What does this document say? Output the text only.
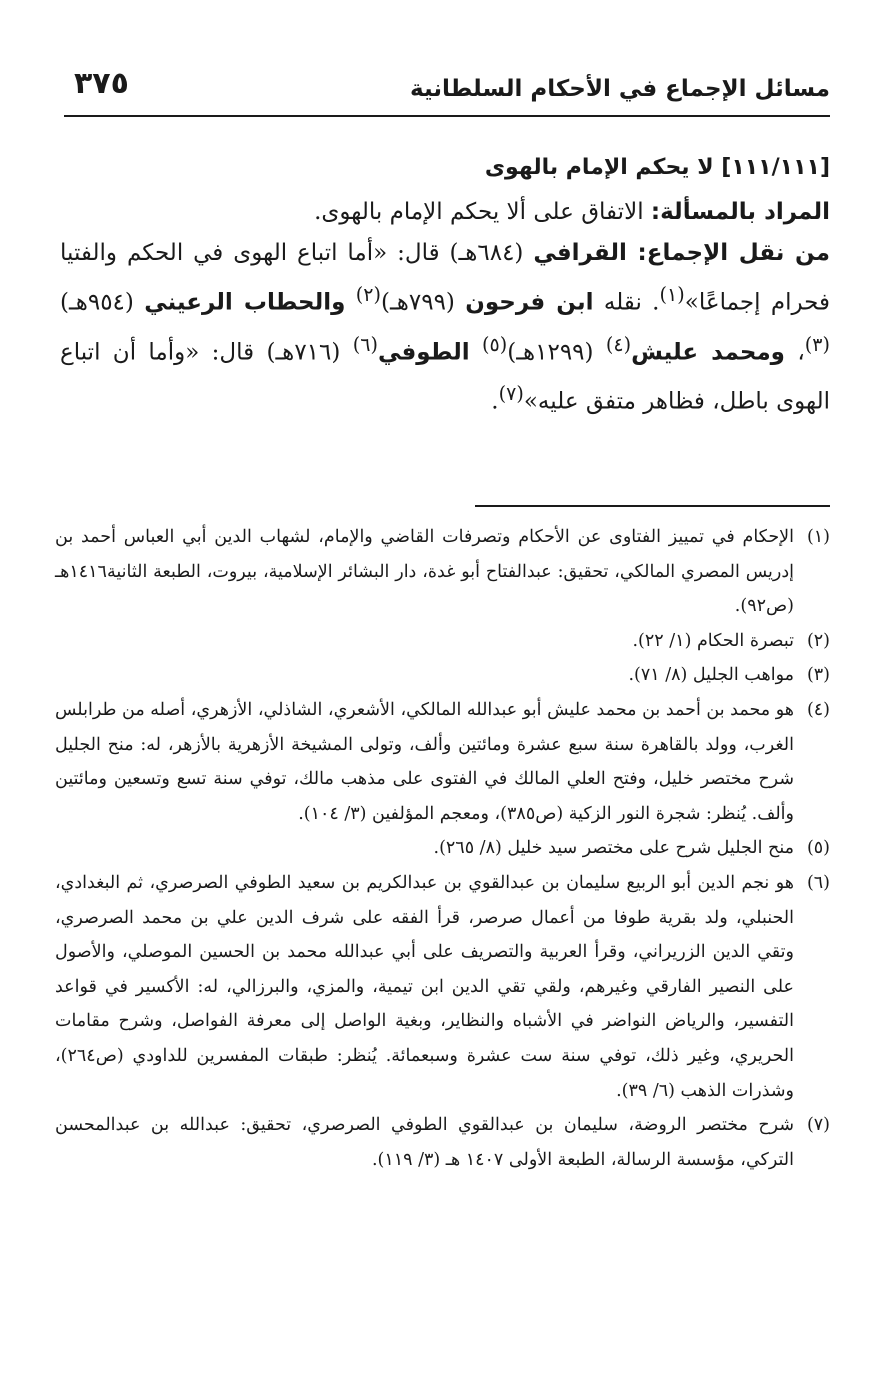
مسائل الإجماع في الأحكام السلطانية
٣٧٥
[١١١/١١١] لا يحكم الإمام بالهوى

المراد بالمسألة: الاتفاق على ألا يحكم الإمام بالهوى.

من نقل الإجماع: القرافي (٦٨٤هـ) قال: «أما اتباع الهوى في الحكم والفتيا فحرام إجماعًا»$^{(١)}$. نقله ابن فرحون (٧٩٩هـ)$^{(٢)}$ والحطاب الرعيني (٩٥٤هـ)$^{(٣)}$، ومحمد عليش$^{(٤)}$ (١٢٩٩هـ)$^{(٥)}$ الطوفي$^{(٦)}$ (٧١٦هـ) قال: «وأما أن اتباع الهوى باطل، فظاهر متفق عليه»$^{(٧)}$.

(١)
الإحكام في تمييز الفتاوى عن الأحكام وتصرفات القاضي والإمام، لشهاب الدين أبي العباس أحمد بن إدريس المصري المالكي، تحقيق: عبدالفتاح أبو غدة، دار البشائر الإسلامية، بيروت، الطبعة الثانية١٤١٦هـ (ص٩٢).
(٢)
تبصرة الحكام (١/ ٢٢).
(٣)
مواهب الجليل (٨/ ٧١).
(٤)
هو محمد بن أحمد بن محمد عليش أبو عبدالله المالكي، الأشعري، الشاذلي، الأزهري، أصله من طرابلس الغرب، وولد بالقاهرة سنة سبع عشرة ومائتين وألف، وتولى المشيخة الأزهرية بالأزهر، له: منح الجليل شرح مختصر خليل، وفتح العلي المالك في الفتوى على مذهب مالك، توفي سنة تسع وتسعين ومائتين وألف. يُنظر: شجرة النور الزكية (ص٣٨٥)، ومعجم المؤلفين (٣/ ١٠٤).
(٥)
منح الجليل شرح على مختصر سيد خليل (٨/ ٢٦٥).
(٦)
هو نجم الدين أبو الربيع سليمان بن عبدالقوي بن عبدالكريم بن سعيد الطوفي الصرصري، ثم البغدادي، الحنبلي، ولد بقرية طوفا من أعمال صرصر، قرأ الفقه على شرف الدين علي بن محمد الصرصري، وتقي الدين الزريراني، وقرأ العربية والتصريف على أبي عبدالله محمد بن الحسين الموصلي، والأصول على النصير الفارقي وغيرهم، ولقي تقي الدين ابن تيمية، والمزي، والبرزالي، له: الأكسير في قواعد التفسير، والرياض النواضر في الأشباه والنظاير، وبغية الواصل إلى معرفة الفواصل، وشرح مقامات الحريري، وغير ذلك، توفي سنة ست عشرة وسبعمائة. يُنظر: طبقات المفسرين للداودي (ص٢٦٤)، وشذرات الذهب (٦/ ٣٩).
(٧)
شرح مختصر الروضة، سليمان بن عبدالقوي الطوفي الصرصري، تحقيق: عبدالله بن عبدالمحسن التركي، مؤسسة الرسالة، الطبعة الأولى ١٤٠٧ هـ (٣/ ١١٩).
